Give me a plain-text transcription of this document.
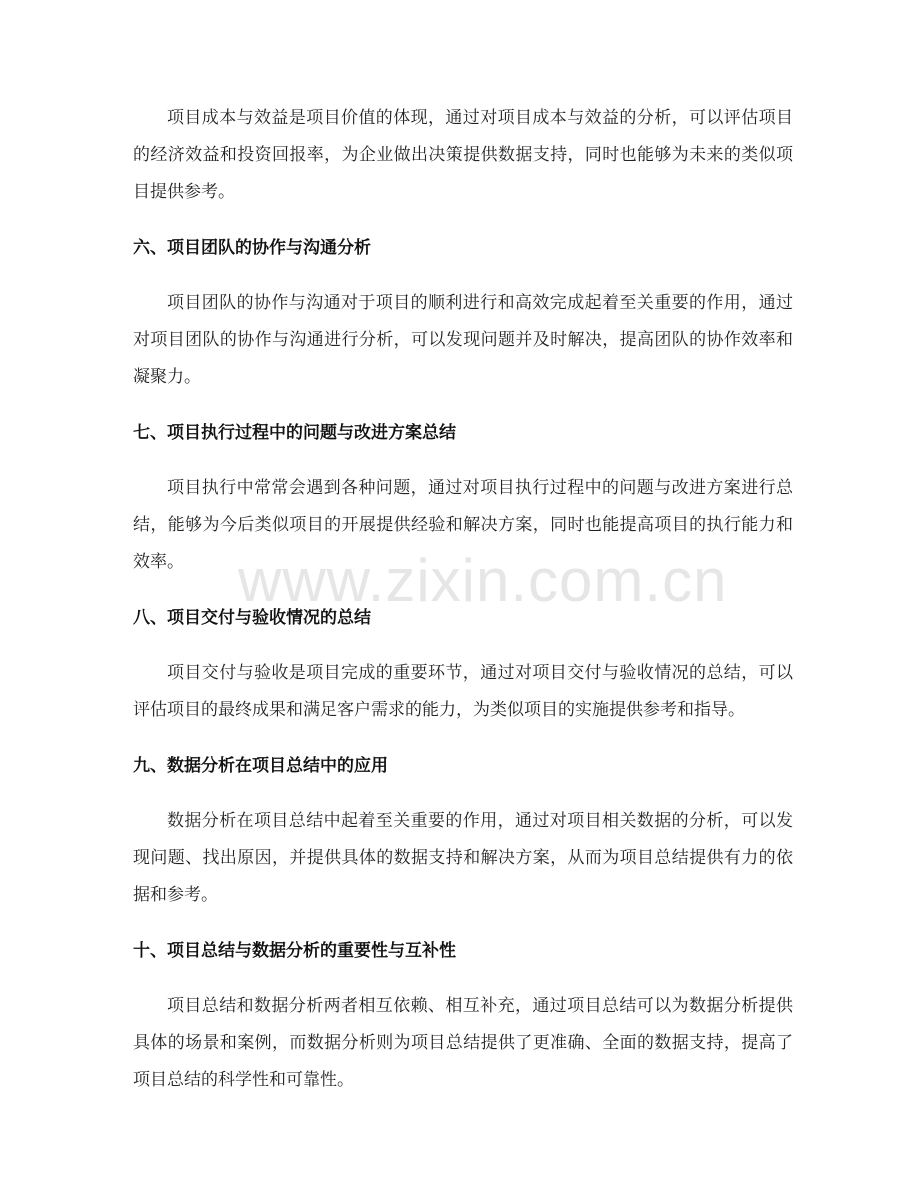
www.zixin.com.cn

项目成本与效益是项目价值的体现，通过对项目成本与效益的分析，可以评估项目的经济效益和投资回报率，为企业做出决策提供数据支持，同时也能够为未来的类似项目提供参考。

六、项目团队的协作与沟通分析

项目团队的协作与沟通对于项目的顺利进行和高效完成起着至关重要的作用，通过对项目团队的协作与沟通进行分析，可以发现问题并及时解决，提高团队的协作效率和凝聚力。

七、项目执行过程中的问题与改进方案总结

项目执行中常常会遇到各种问题，通过对项目执行过程中的问题与改进方案进行总结，能够为今后类似项目的开展提供经验和解决方案，同时也能提高项目的执行能力和效率。

八、项目交付与验收情况的总结

项目交付与验收是项目完成的重要环节，通过对项目交付与验收情况的总结，可以评估项目的最终成果和满足客户需求的能力，为类似项目的实施提供参考和指导。

九、数据分析在项目总结中的应用

数据分析在项目总结中起着至关重要的作用，通过对项目相关数据的分析，可以发现问题、找出原因，并提供具体的数据支持和解决方案，从而为项目总结提供有力的依据和参考。

十、项目总结与数据分析的重要性与互补性

项目总结和数据分析两者相互依赖、相互补充，通过项目总结可以为数据分析提供具体的场景和案例，而数据分析则为项目总结提供了更准确、全面的数据支持，提高了项目总结的科学性和可靠性。
